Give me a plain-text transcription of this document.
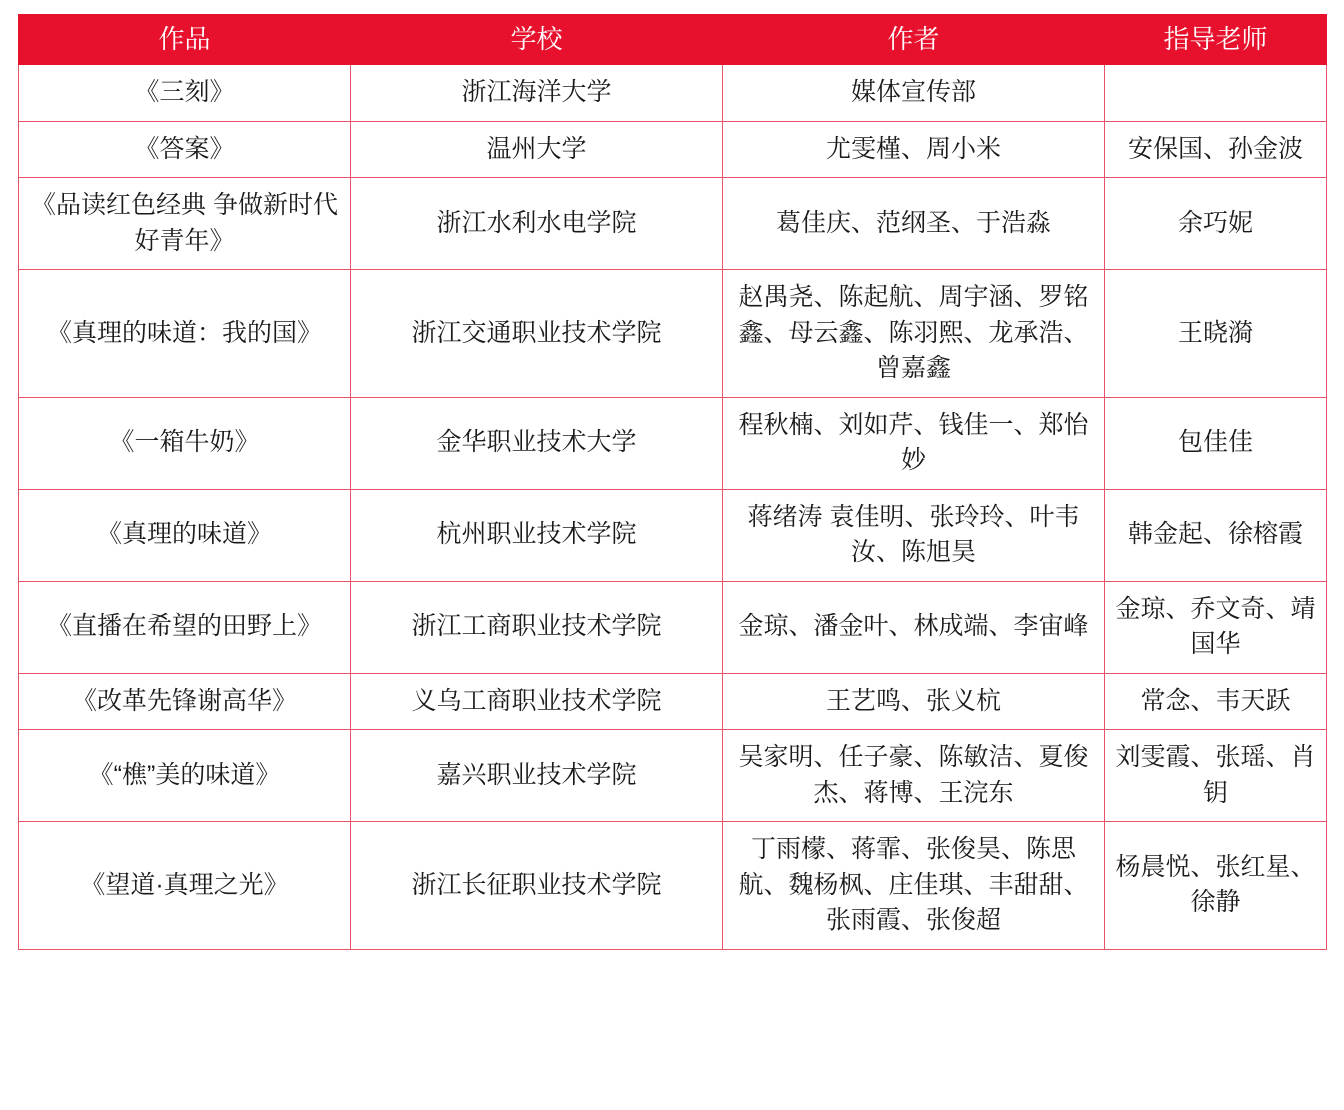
作品	学校	作者	指导老师
《三刻》	浙江海洋大学	媒体宣传部	
《答案》	温州大学	尤雯槿、周小米	安保国、孙金波
《品读红色经典 争做新时代好青年》	浙江水利水电学院	葛佳庆、范纲圣、于浩淼	余巧妮
《真理的味道：我的国》	浙江交通职业技术学院	赵禺尧、陈起航、周宇涵、罗铭鑫、母云鑫、陈羽熙、龙承浩、曾嘉鑫	王晓漪
《一箱牛奶》	金华职业技术大学	程秋楠、刘如芹、钱佳一、郑怡妙	包佳佳
《真理的味道》	杭州职业技术学院	蒋绪涛 袁佳明、张玲玲、叶韦汝、陈旭昊	韩金起、徐榕霞
《直播在希望的田野上》	浙江工商职业技术学院	金琼、潘金叶、林成端、李宙峰	金琼、乔文奇、靖国华
《改革先锋谢高华》	义乌工商职业技术学院	王艺鸣、张义杭	常念、韦天跃
《“樵”美的味道》	嘉兴职业技术学院	吴家明、任子豪、陈敏洁、夏俊杰、蒋博、王浣东	刘雯霞、张瑶、肖钥
《望道·真理之光》	浙江长征职业技术学院	丁雨檬、蒋霏、张俊昊、陈思航、魏杨枫、庄佳琪、丰甜甜、张雨霞、张俊超	杨晨悦、张红星、徐静
